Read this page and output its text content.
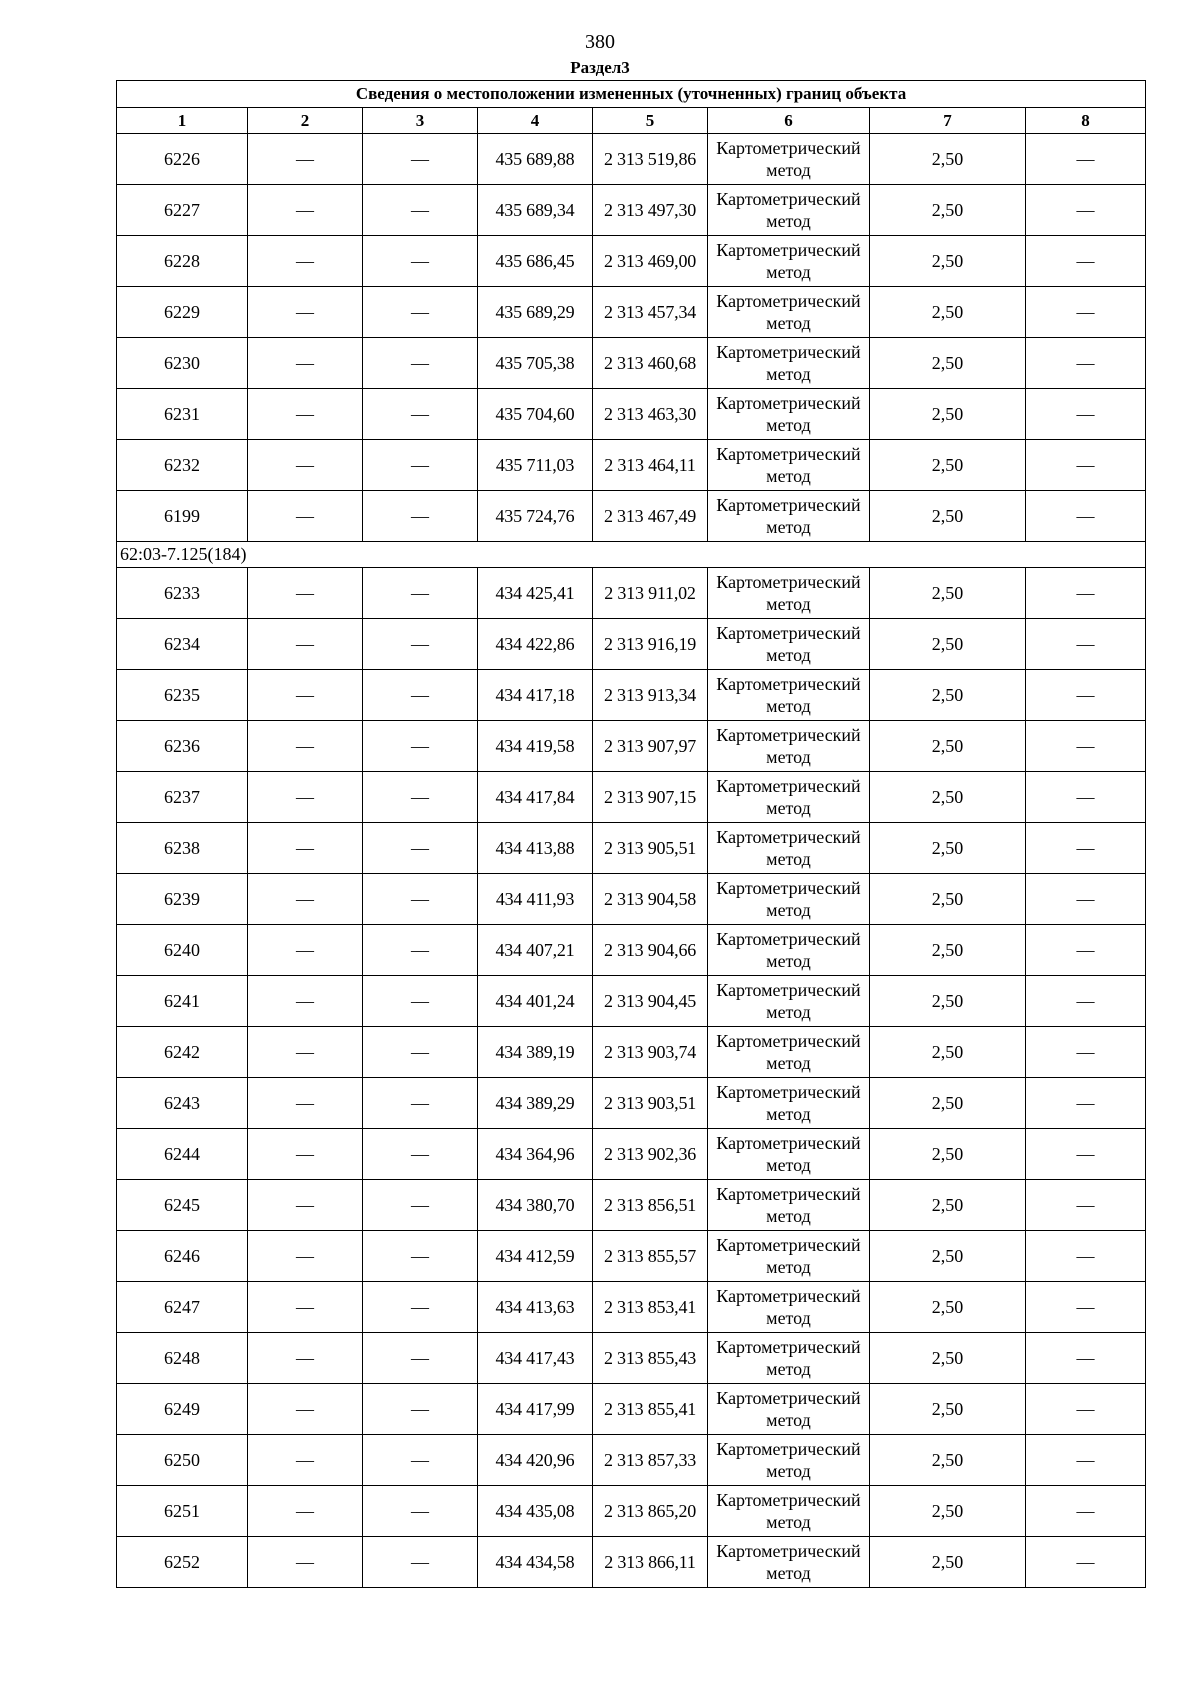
380
Раздел3
Сведения о местоположении измененных (уточненных) границ объекта							
1	2	3	4	5	6	7	8
6226	—	—	435 689,88	2 313 519,86	Картометрический метод	2,50	—
6227	—	—	435 689,34	2 313 497,30	Картометрический метод	2,50	—
6228	—	—	435 686,45	2 313 469,00	Картометрический метод	2,50	—
6229	—	—	435 689,29	2 313 457,34	Картометрический метод	2,50	—
6230	—	—	435 705,38	2 313 460,68	Картометрический метод	2,50	—
6231	—	—	435 704,60	2 313 463,30	Картометрический метод	2,50	—
6232	—	—	435 711,03	2 313 464,11	Картометрический метод	2,50	—
6199	—	—	435 724,76	2 313 467,49	Картометрический метод	2,50	—
62:03-7.125(184)							
6233	—	—	434 425,41	2 313 911,02	Картометрический метод	2,50	—
6234	—	—	434 422,86	2 313 916,19	Картометрический метод	2,50	—
6235	—	—	434 417,18	2 313 913,34	Картометрический метод	2,50	—
6236	—	—	434 419,58	2 313 907,97	Картометрический метод	2,50	—
6237	—	—	434 417,84	2 313 907,15	Картометрический метод	2,50	—
6238	—	—	434 413,88	2 313 905,51	Картометрический метод	2,50	—
6239	—	—	434 411,93	2 313 904,58	Картометрический метод	2,50	—
6240	—	—	434 407,21	2 313 904,66	Картометрический метод	2,50	—
6241	—	—	434 401,24	2 313 904,45	Картометрический метод	2,50	—
6242	—	—	434 389,19	2 313 903,74	Картометрический метод	2,50	—
6243	—	—	434 389,29	2 313 903,51	Картометрический метод	2,50	—
6244	—	—	434 364,96	2 313 902,36	Картометрический метод	2,50	—
6245	—	—	434 380,70	2 313 856,51	Картометрический метод	2,50	—
6246	—	—	434 412,59	2 313 855,57	Картометрический метод	2,50	—
6247	—	—	434 413,63	2 313 853,41	Картометрический метод	2,50	—
6248	—	—	434 417,43	2 313 855,43	Картометрический метод	2,50	—
6249	—	—	434 417,99	2 313 855,41	Картометрический метод	2,50	—
6250	—	—	434 420,96	2 313 857,33	Картометрический метод	2,50	—
6251	—	—	434 435,08	2 313 865,20	Картометрический метод	2,50	—
6252	—	—	434 434,58	2 313 866,11	Картометрический метод	2,50	—
